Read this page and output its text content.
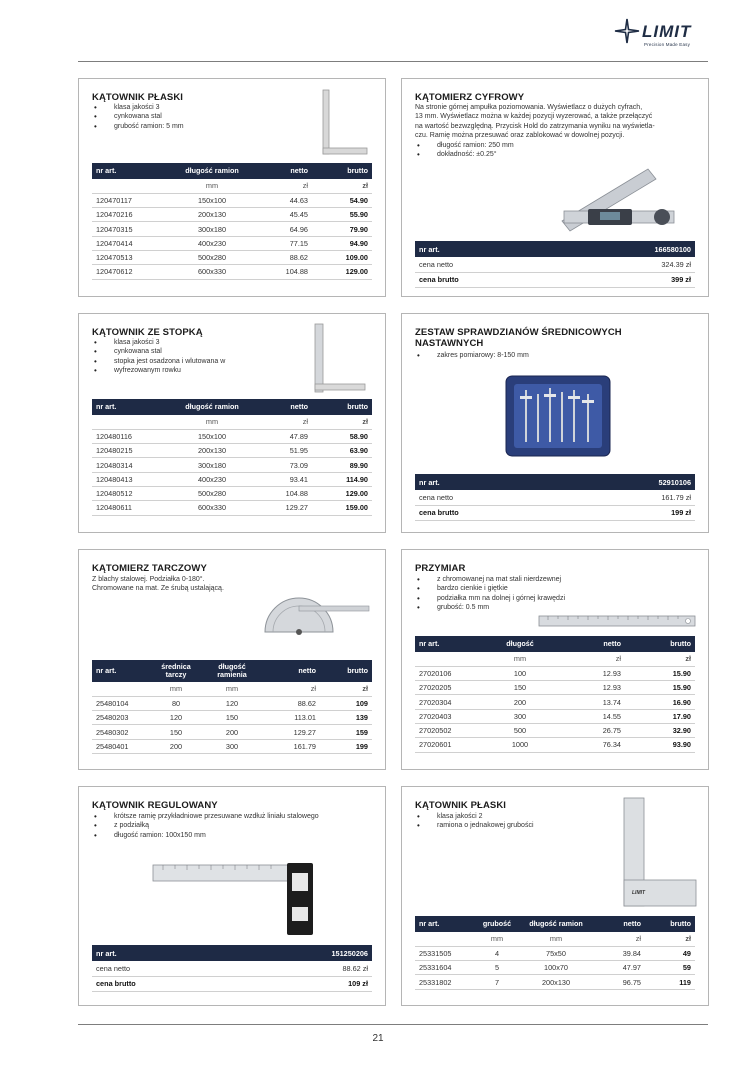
LIMIT
Precision Made Easy
KĄTOWNIK PŁASKI
• klasa jakości 3
• cynkowana stal
• grubość ramion: 5 mm
nr art.	długość ramion	netto	brutto
	mm	zł	zł
120470117	150x100	44.63	54.90
120470216	200x130	45.45	55.90
120470315	300x180	64.96	79.90
120470414	400x230	77.15	94.90
120470513	500x280	88.62	109.00
120470612	600x330	104.88	129.00
KĄTOMIERZ CYFROWY
Na stronie górnej ampułka poziomowania. Wyświetlacz o dużych cyfrach,
13 mm. Wyświetlacz można w każdej pozycji wyzerować, a także przełączyć
na wartość bezwzględną. Przycisk Hold do zatrzymania wyniku na wyświetla-
czu. Ramię można przesuwać oraz zablokować w dowolnej pozycji.
• długość ramion: 250 mm
• dokładność: ±0.25°
nr art.	166580100
cena netto	324.39 zł
cena brutto	399 zł
KĄTOWNIK ZE STOPKĄ
• klasa jakości 3
• cynkowana stal
• stopka jest osadzona i wlutowana w
• wyfrezowanym rowku
nr art.	długość ramion	netto	brutto
	mm	zł	zł
120480116	150x100	47.89	58.90
120480215	200x130	51.95	63.90
120480314	300x180	73.09	89.90
120480413	400x230	93.41	114.90
120480512	500x280	104.88	129.00
120480611	600x330	129.27	159.00
ZESTAW SPRAWDZIANÓW ŚREDNICOWYCH
NASTAWNYCH
• zakres pomiarowy: 8-150 mm
nr art.	52910106
cena netto	161.79 zł
cena brutto	199 zł
KĄTOMIERZ TARCZOWY
Z blachy stalowej. Podziałka 0-180°.
Chromowane na mat. Ze śrubą ustalającą.
nr art.	średnica tarczy	długość ramienia	netto	brutto
	mm	mm	zł	zł
25480104	80	120	88.62	109
25480203	120	150	113.01	139
25480302	150	200	129.27	159
25480401	200	300	161.79	199
PRZYMIAR
• z chromowanej na mat stali nierdzewnej
• bardzo cienkie i giętkie
• podziałka mm na dolnej i górnej krawędzi
• grubość: 0.5 mm
nr art.	długość	netto	brutto
	mm	zł	zł
27020106	100	12.93	15.90
27020205	150	12.93	15.90
27020304	200	13.74	16.90
27020403	300	14.55	17.90
27020502	500	26.75	32.90
27020601	1000	76.34	93.90
KĄTOWNIK REGULOWANY
• krótsze ramię przykładniowe przesuwane wzdłuż liniału stalowego
• z podziałką
• długość ramion: 100x150 mm
nr art.	151250206
cena netto	88.62 zł
cena brutto	109 zł
KĄTOWNIK PŁASKI
• klasa jakości 2
• ramiona o jednakowej grubości
LIMIT
nr art.	grubość	długość ramion	netto	brutto
	mm	mm	zł	zł
25331505	4	75x50	39.84	49
25331604	5	100x70	47.97	59
25331802	7	200x130	96.75	119
21
